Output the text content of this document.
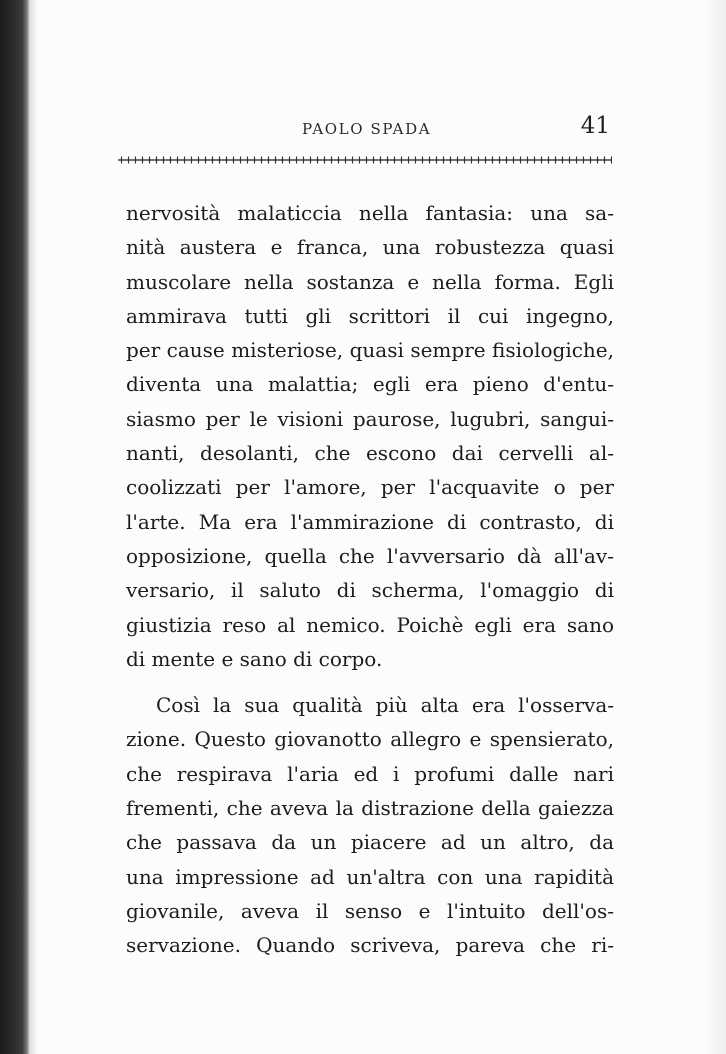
PAOLO SPADA	41
nervosità malaticcia nella fantasia: una sa-
nità austera e franca, una robustezza quasi
muscolare nella sostanza e nella forma. Egli
ammirava tutti gli scrittori il cui ingegno,
per cause misteriose, quasi sempre fisiologiche,
diventa una malattia; egli era pieno d'entu-
siasmo per le visioni paurose, lugubri, sangui-
nanti, desolanti, che escono dai cervelli al-
coolizzati per l'amore, per l'acquavite o per
l'arte. Ma era l'ammirazione di contrasto, di
opposizione, quella che l'avversario dà all'av-
versario, il saluto di scherma, l'omaggio di
giustizia reso al nemico. Poichè egli era sano
di mente e sano di corpo.
Così la sua qualità più alta era l'osserva-
zione. Questo giovanotto allegro e spensierato,
che respirava l'aria ed i profumi dalle nari
frementi, che aveva la distrazione della gaiezza
che passava da un piacere ad un altro, da
una impressione ad un'altra con una rapidità
giovanile, aveva il senso e l'intuito dell'os-
servazione. Quando scriveva, pareva che ri-
